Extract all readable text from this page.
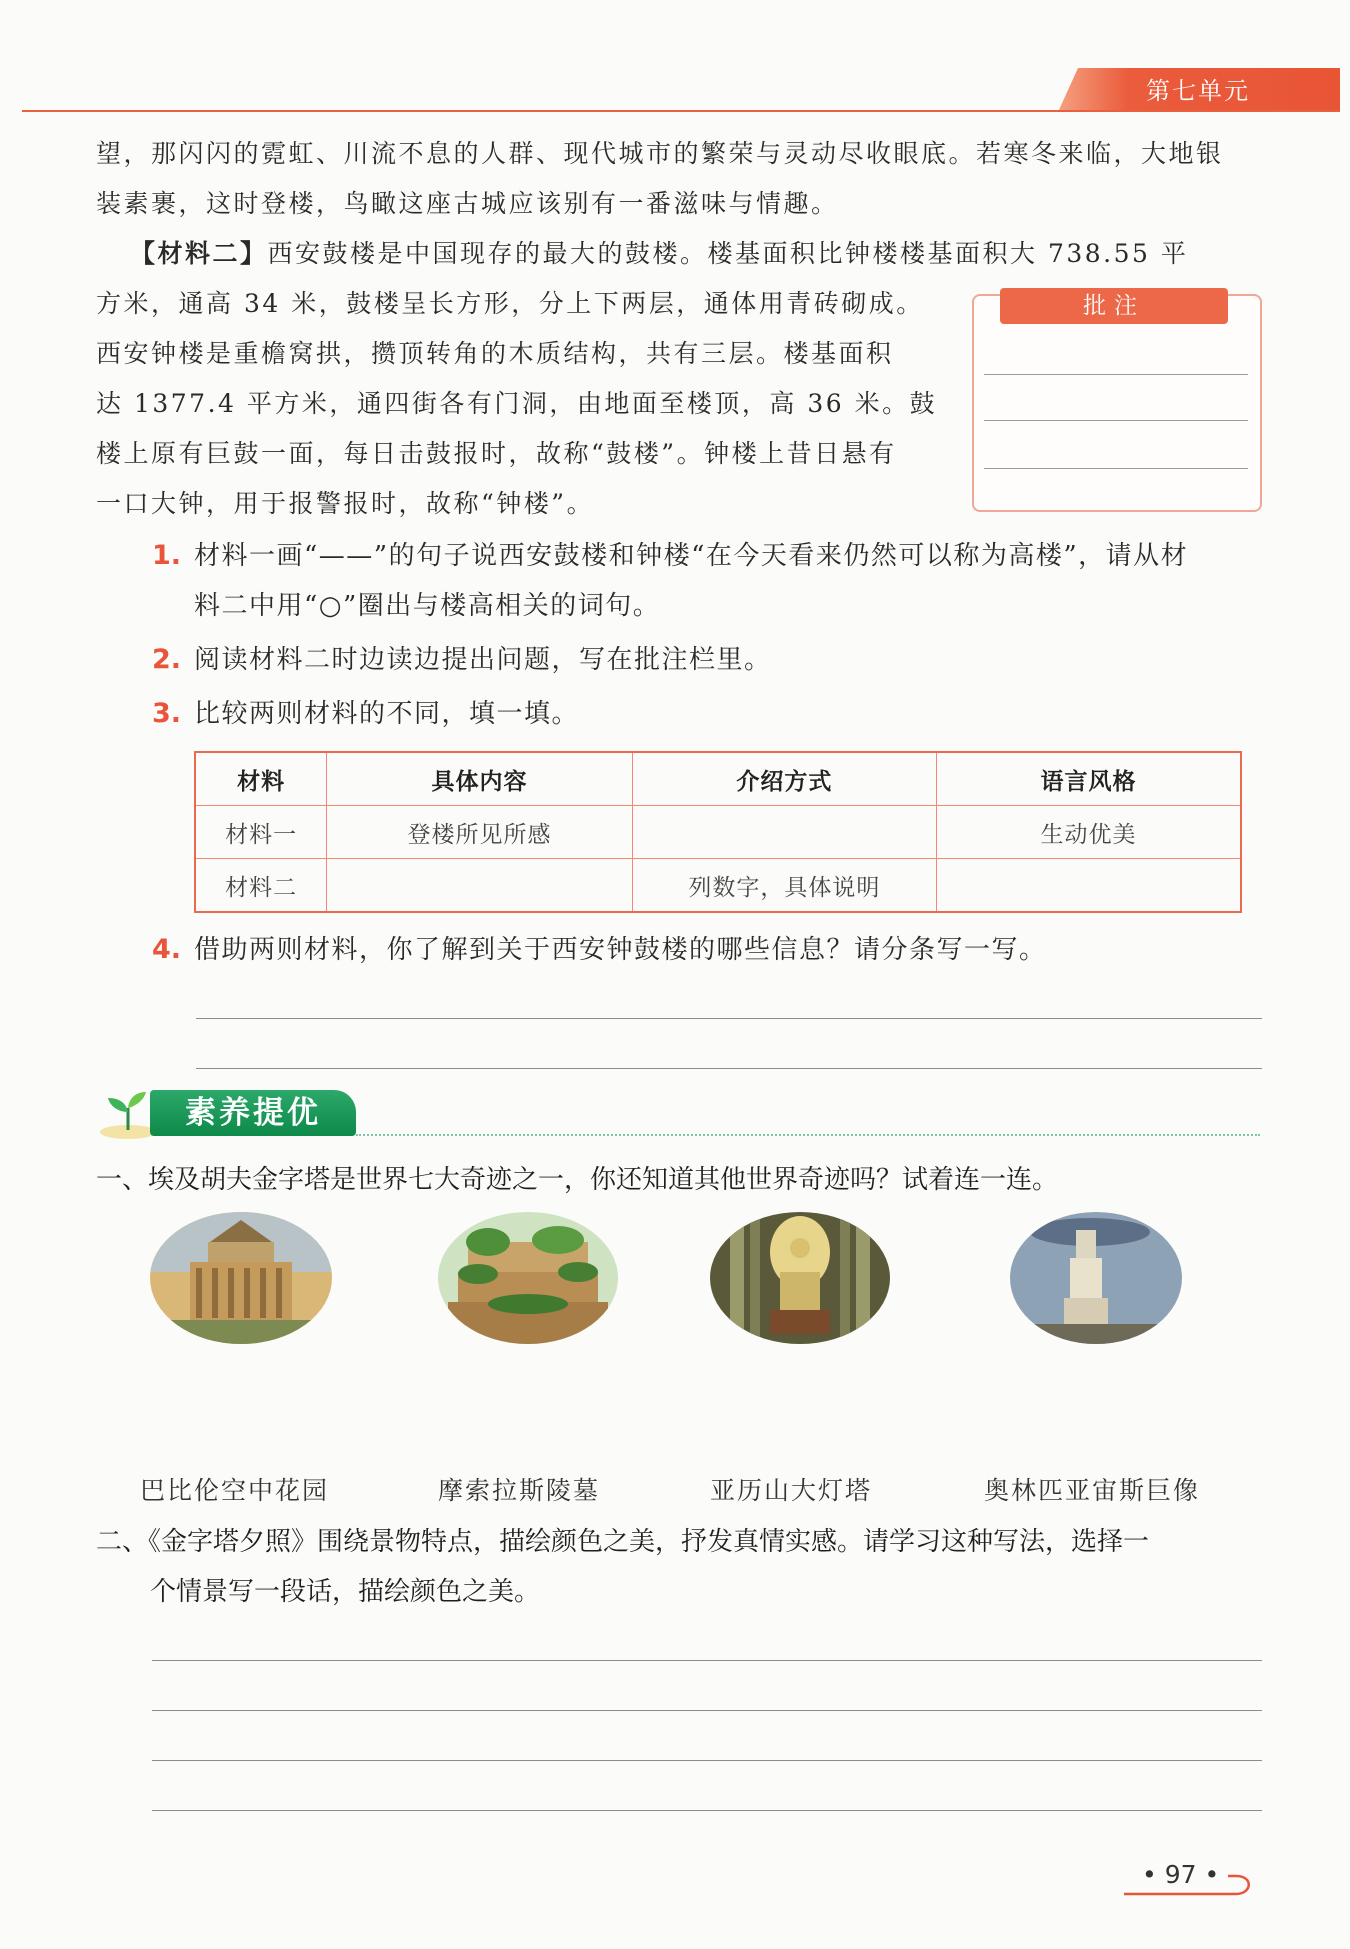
第七单元
望，那闪闪的霓虹、川流不息的人群、现代城市的繁荣与灵动尽收眼底。若寒冬来临，大地银
装素裹，这时登楼，鸟瞰这座古城应该别有一番滋味与情趣。
【材料二】西安鼓楼是中国现存的最大的鼓楼。楼基面积比钟楼楼基面积大 738.55 平
方米，通高 34 米，鼓楼呈长方形，分上下两层，通体用青砖砌成。
西安钟楼是重檐窝拱，攒顶转角的木质结构，共有三层。楼基面积
达 1377.4 平方米，通四街各有门洞，由地面至楼顶，高 36 米。鼓
楼上原有巨鼓一面，每日击鼓报时，故称“鼓楼”。钟楼上昔日悬有
一口大钟，用于报警报时，故称“钟楼”。
批注
1. 材料一画“——”的句子说西安鼓楼和钟楼“在今天看来仍然可以称为高楼”，请从材
料二中用“○”圈出与楼高相关的词句。
2. 阅读材料二时边读边提出问题，写在批注栏里。
3. 比较两则材料的不同，填一填。
材料	具体内容	介绍方式	语言风格
材料一	登楼所见所感		生动优美
材料二		列数字，具体说明	
4. 借助两则材料，你了解到关于西安钟鼓楼的哪些信息？请分条写一写。
素养提优
一、埃及胡夫金字塔是世界七大奇迹之一，你还知道其他世界奇迹吗？试着连一连。
巴比伦空中花园	摩索拉斯陵墓	亚历山大灯塔	奥林匹亚宙斯巨像
二、《金字塔夕照》围绕景物特点，描绘颜色之美，抒发真情实感。请学习这种写法，选择一
个情景写一段话，描绘颜色之美。
• 97 •
